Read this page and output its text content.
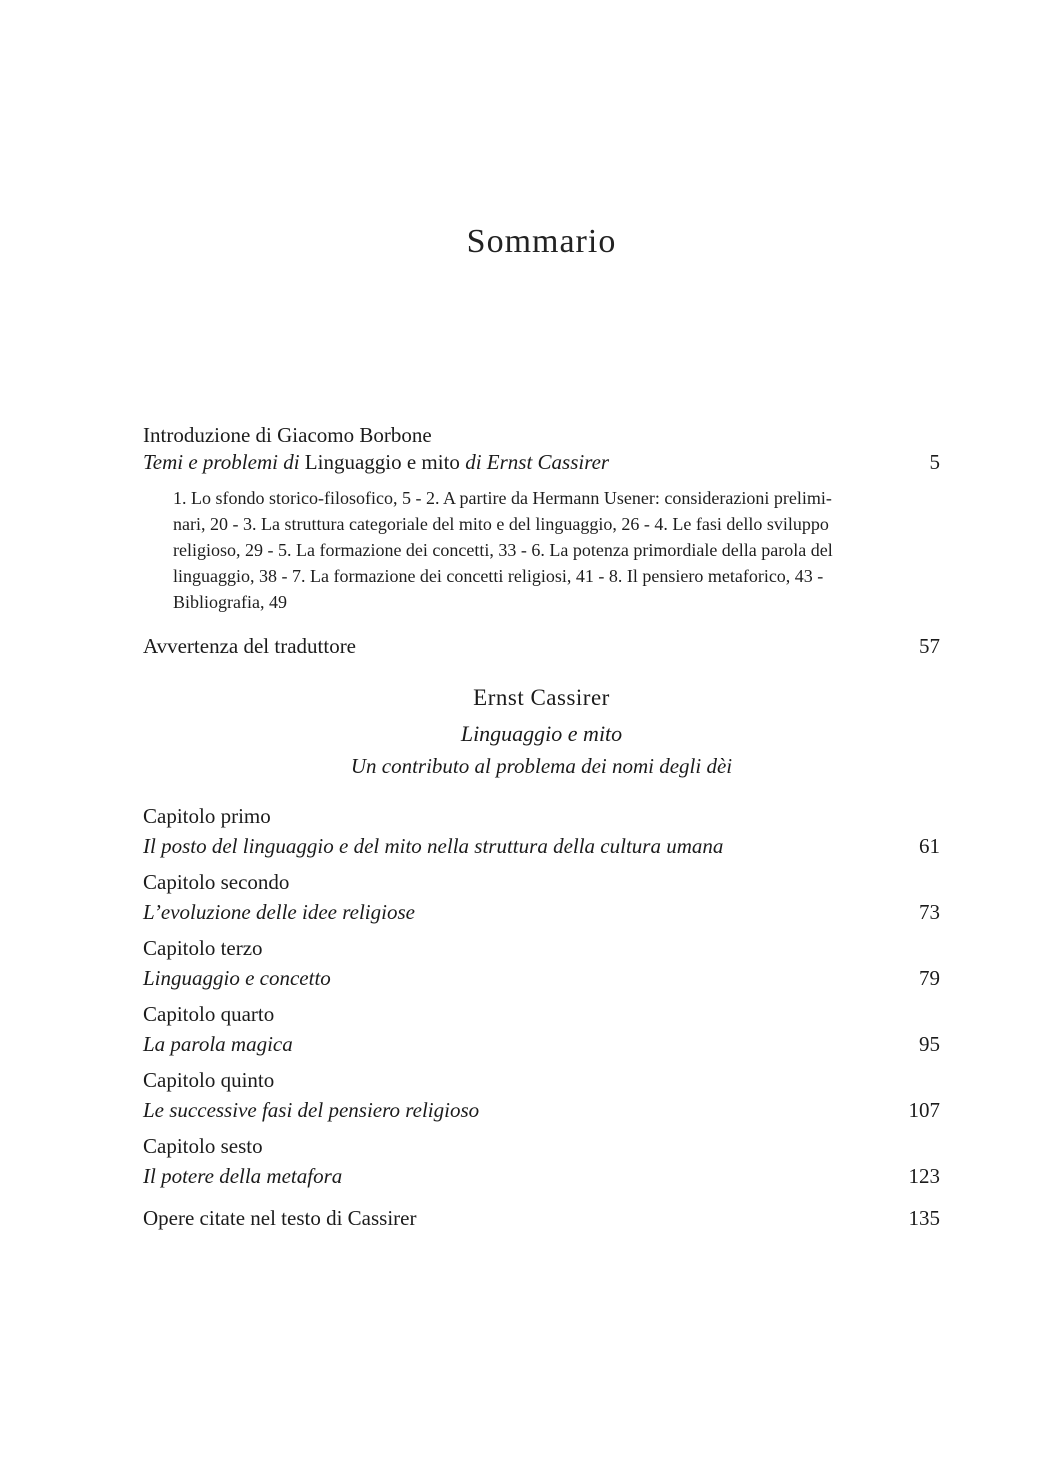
Sommario
Introduzione di Giacomo Borbone
Temi e problemi di Linguaggio e mito di Ernst Cassirer	5
1. Lo sfondo storico-filosofico, 5 - 2. A partire da Hermann Usener: considerazioni prelimi-
nari, 20 - 3. La struttura categoriale del mito e del linguaggio, 26 - 4. Le fasi dello sviluppo
religioso, 29 - 5. La formazione dei concetti, 33 - 6. La potenza primordiale della parola del
linguaggio, 38 - 7. La formazione dei concetti religiosi, 41 - 8. Il pensiero metaforico, 43 -
Bibliografia, 49
Avvertenza del traduttore	57
Ernst Cassirer
Linguaggio e mito
Un contributo al problema dei nomi degli dèi
Capitolo primo
Il posto del linguaggio e del mito nella struttura della cultura umana	61
Capitolo secondo
L’evoluzione delle idee religiose	73
Capitolo terzo
Linguaggio e concetto	79
Capitolo quarto
La parola magica	95
Capitolo quinto
Le successive fasi del pensiero religioso	107
Capitolo sesto
Il potere della metafora	123
Opere citate nel testo di Cassirer	135
